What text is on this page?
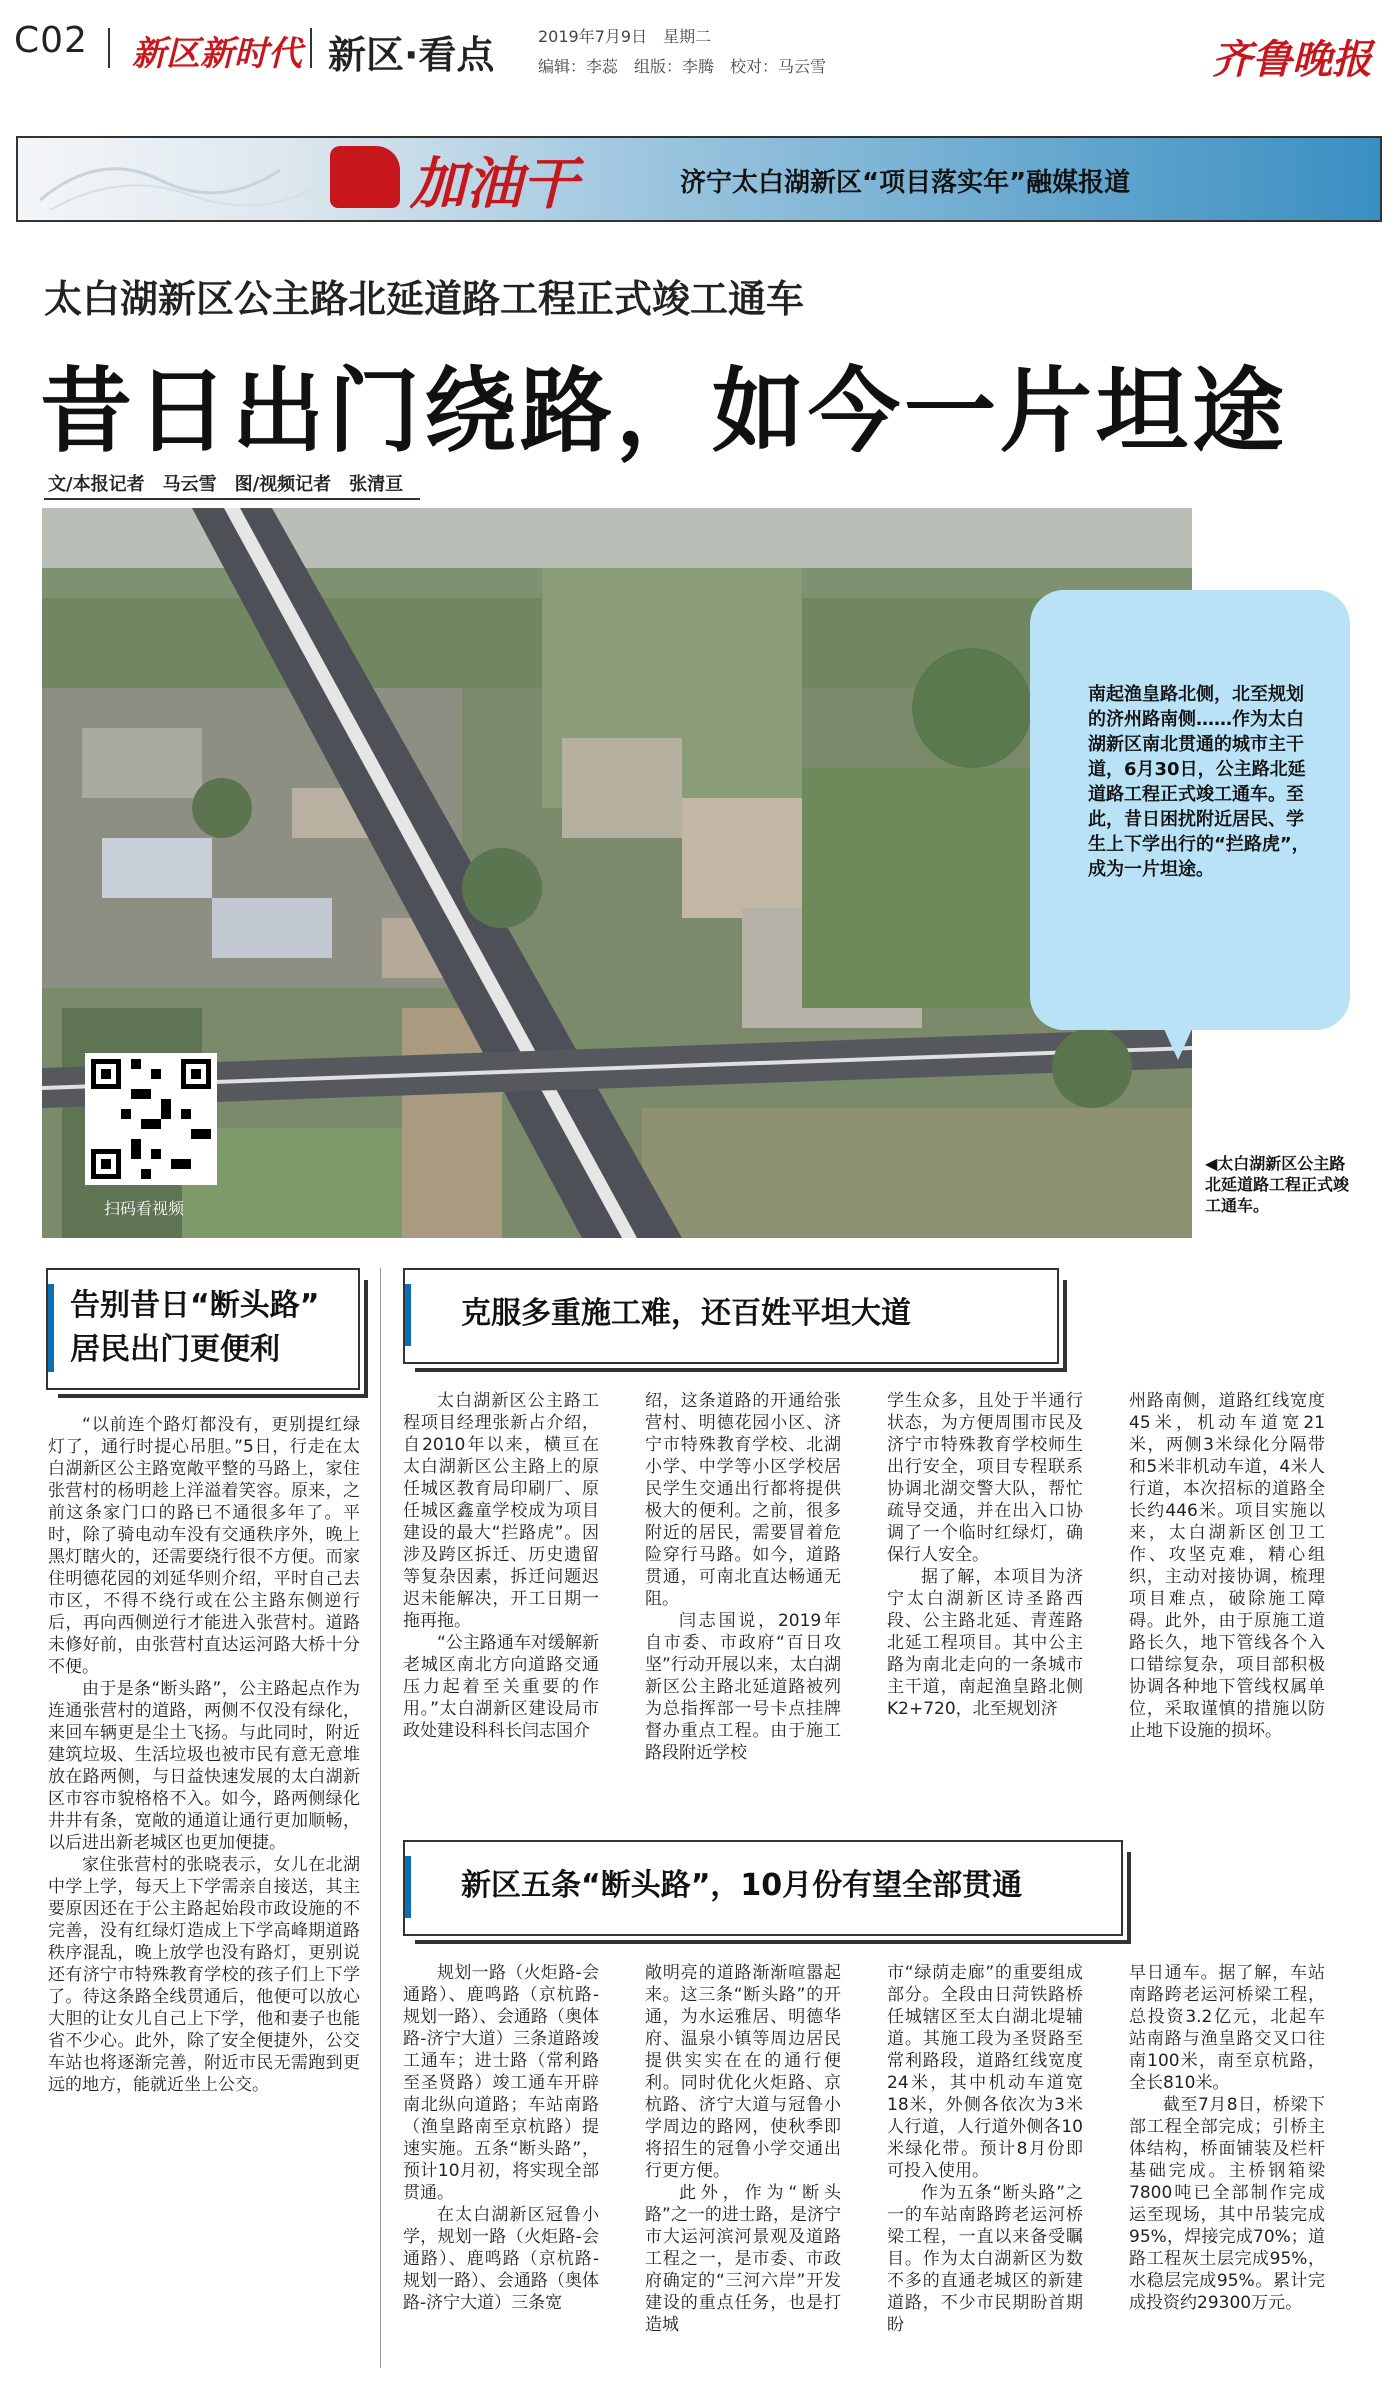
C02 新区新时代 新区·看点	2019年7月9日　星期二
编辑：李蕊　组版：李腾　校对：马云雪	齐鲁晚报
加油干	济宁太白湖新区“项目落实年”融媒报道
太白湖新区公主路北延道路工程正式竣工通车
昔日出门绕路，如今一片坦途
文/本报记者　马云雪　图/视频记者　张清亘
扫码看视频
南起渔皇路北侧，北至规划的济州路南侧……作为太白湖新区南北贯通的城市主干道，6月30日，公主路北延道路工程正式竣工通车。至此，昔日困扰附近居民、学生上下学出行的“拦路虎”，成为一片坦途。
◀太白湖新区公主路北延道路工程正式竣工通车。
告别昔日“断头路”
居民出门更便利

“以前连个路灯都没有，更别提红绿灯了，通行时提心吊胆。”5日，行走在太白湖新区公主路宽敞平整的马路上，家住张营村的杨明趁上洋溢着笑容。原来，之前这条家门口的路已不通很多年了。平时，除了骑电动车没有交通秩序外，晚上黑灯瞎火的，还需要绕行很不方便。而家住明德花园的刘延华则介绍，平时自己去市区，不得不绕行或在公主路东侧逆行后，再向西侧逆行才能进入张营村。道路未修好前，由张营村直达运河路大桥十分不便。

由于是条“断头路”，公主路起点作为连通张营村的道路，两侧不仅没有绿化，来回车辆更是尘土飞扬。与此同时，附近建筑垃圾、生活垃圾也被市民有意无意堆放在路两侧，与日益快速发展的太白湖新区市容市貌格格不入。如今，路两侧绿化井井有条，宽敞的通道让通行更加顺畅，以后进出新老城区也更加便捷。

家住张营村的张晓表示，女儿在北湖中学上学，每天上下学需亲自接送，其主要原因还在于公主路起始段市政设施的不完善，没有红绿灯造成上下学高峰期道路秩序混乱，晚上放学也没有路灯，更别说还有济宁市特殊教育学校的孩子们上下学了。待这条路全线贯通后，他便可以放心大胆的让女儿自己上下学，他和妻子也能省不少心。此外，除了安全便捷外，公交车站也将逐渐完善，附近市民无需跑到更远的地方，能就近坐上公交。

克服多重施工难，还百姓平坦大道

太白湖新区公主路工程项目经理张新占介绍，自2010年以来，横亘在太白湖新区公主路上的原任城区教育局印刷厂、原任城区鑫童学校成为项目建设的最大“拦路虎”。因涉及跨区拆迁、历史遗留等复杂因素，拆迁问题迟迟未能解决，开工日期一拖再拖。

“公主路通车对缓解新老城区南北方向道路交通压力起着至关重要的作用。”太白湖新区建设局市政处建设科科长闫志国介

绍，这条道路的开通给张营村、明德花园小区、济宁市特殊教育学校、北湖小学、中学等小区学校居民学生交通出行都将提供极大的便利。之前，很多附近的居民，需要冒着危险穿行马路。如今，道路贯通，可南北直达畅通无阻。

闫志国说，2019年自市委、市政府“百日攻坚”行动开展以来，太白湖新区公主路北延道路被列为总指挥部一号卡点挂牌督办重点工程。由于施工路段附近学校

学生众多，且处于半通行状态，为方便周围市民及济宁市特殊教育学校师生出行安全，项目专程联系协调北湖交警大队，帮忙疏导交通，并在出入口协调了一个临时红绿灯，确保行人安全。

据了解，本项目为济宁太白湖新区诗圣路西段、公主路北延、青莲路北延工程项目。其中公主路为南北走向的一条城市主干道，南起渔皇路北侧K2+720，北至规划济

州路南侧，道路红线宽度45米，机动车道宽21米，两侧3米绿化分隔带和5米非机动车道，4米人行道，本次招标的道路全长约446米。项目实施以来，太白湖新区创卫工作、攻坚克难，精心组织，主动对接协调，梳理项目难点，破除施工障碍。此外，由于原施工道路长久，地下管线各个入口错综复杂，项目部积极协调各种地下管线权属单位，采取谨慎的措施以防止地下设施的损坏。

新区五条“断头路”，10月份有望全部贯通

规划一路（火炬路-会通路）、鹿鸣路（京杭路-规划一路）、会通路（奥体路-济宁大道）三条道路竣工通车；进士路（常利路至圣贤路）竣工通车开辟南北纵向道路；车站南路（渔皇路南至京杭路）提速实施。五条“断头路”，预计10月初，将实现全部贯通。

在太白湖新区冠鲁小学，规划一路（火炬路-会通路）、鹿鸣路（京杭路-规划一路）、会通路（奥体路-济宁大道）三条宽

敞明亮的道路渐渐喧嚣起来。这三条“断头路”的开通，为水运雅居、明德华府、温泉小镇等周边居民提供实实在在的通行便利。同时优化火炬路、京杭路、济宁大道与冠鲁小学周边的路网，使秋季即将招生的冠鲁小学交通出行更方便。

此外，作为“断头路”之一的进士路，是济宁市大运河滨河景观及道路工程之一，是市委、市政府确定的“三河六岸”开发建设的重点任务，也是打造城

市“绿荫走廊”的重要组成部分。全段由日菏铁路桥任城辖区至太白湖北堤辅道。其施工段为圣贤路至常利路段，道路红线宽度24米，其中机动车道宽18米，外侧各依次为3米人行道，人行道外侧各10米绿化带。预计8月份即可投入使用。

作为五条“断头路”之一的车站南路跨老运河桥梁工程，一直以来备受瞩目。作为太白湖新区为数不多的直通老城区的新建道路，不少市民期盼首期盼

早日通车。据了解，车站南路跨老运河桥梁工程，总投资3.2亿元，北起车站南路与渔皇路交叉口往南100米，南至京杭路，全长810米。

截至7月8日，桥梁下部工程全部完成；引桥主体结构，桥面铺装及栏杆基础完成。主桥钢箱梁7800吨已全部制作完成运至现场，其中吊装完成95%，焊接完成70%；道路工程灰土层完成95%，水稳层完成95%。累计完成投资约29300万元。
